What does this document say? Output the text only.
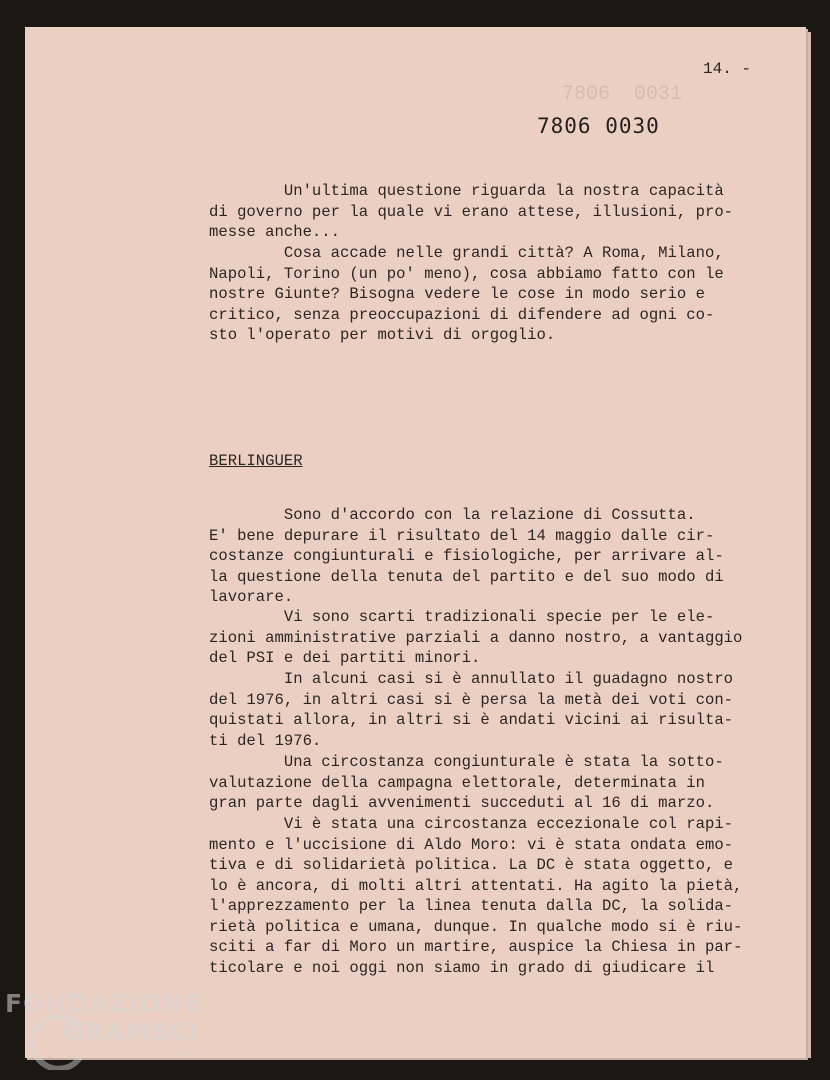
7806  0031
14. -
7806 0030

Un'ultima questione riguarda la nostra capacità

di governo per la quale vi erano attese, illusioni, pro-

messe anche...

Cosa accade nelle grandi città? A Roma, Milano,

Napoli, Torino (un po' meno), cosa abbiamo fatto con le

nostre Giunte? Bisogna vedere le cose in modo serio e

critico, senza preoccupazioni di difendere ad ogni co-

sto l'operato per motivi di orgoglio.

BERLINGUER

Sono d'accordo con la relazione di Cossutta.

E' bene depurare il risultato del 14 maggio dalle cir-

costanze congiunturali e fisiologiche, per arrivare al-

la questione della tenuta del partito e del suo modo di

lavorare.

Vi sono scarti tradizionali specie per le ele-

zioni amministrative parziali a danno nostro, a vantaggio

del PSI e dei partiti minori.

In alcuni casi si è annullato il guadagno nostro

del 1976, in altri casi si è persa la metà dei voti con-

quistati allora, in altri si è andati vicini ai risulta-

ti del 1976.

Una circostanza congiunturale è stata la sotto-

valutazione della campagna elettorale, determinata in

gran parte dagli avvenimenti succeduti al 16 di marzo.

Vi è stata una circostanza eccezionale col rapi-

mento e l'uccisione di Aldo Moro: vi è stata ondata emo-

tiva e di solidarietà politica. La DC è stata oggetto, e

lo è ancora, di molti altri attentati. Ha agito la pietà,

l'apprezzamento per la linea tenuta dalla DC, la solida-

rietà politica e umana, dunque. In qualche modo si è riu-

sciti a far di Moro un martire, auspice la Chiesa in par-

ticolare e noi oggi non siamo in grado di giudicare il

FONDAZIONE
GRAMSCI
onlus
